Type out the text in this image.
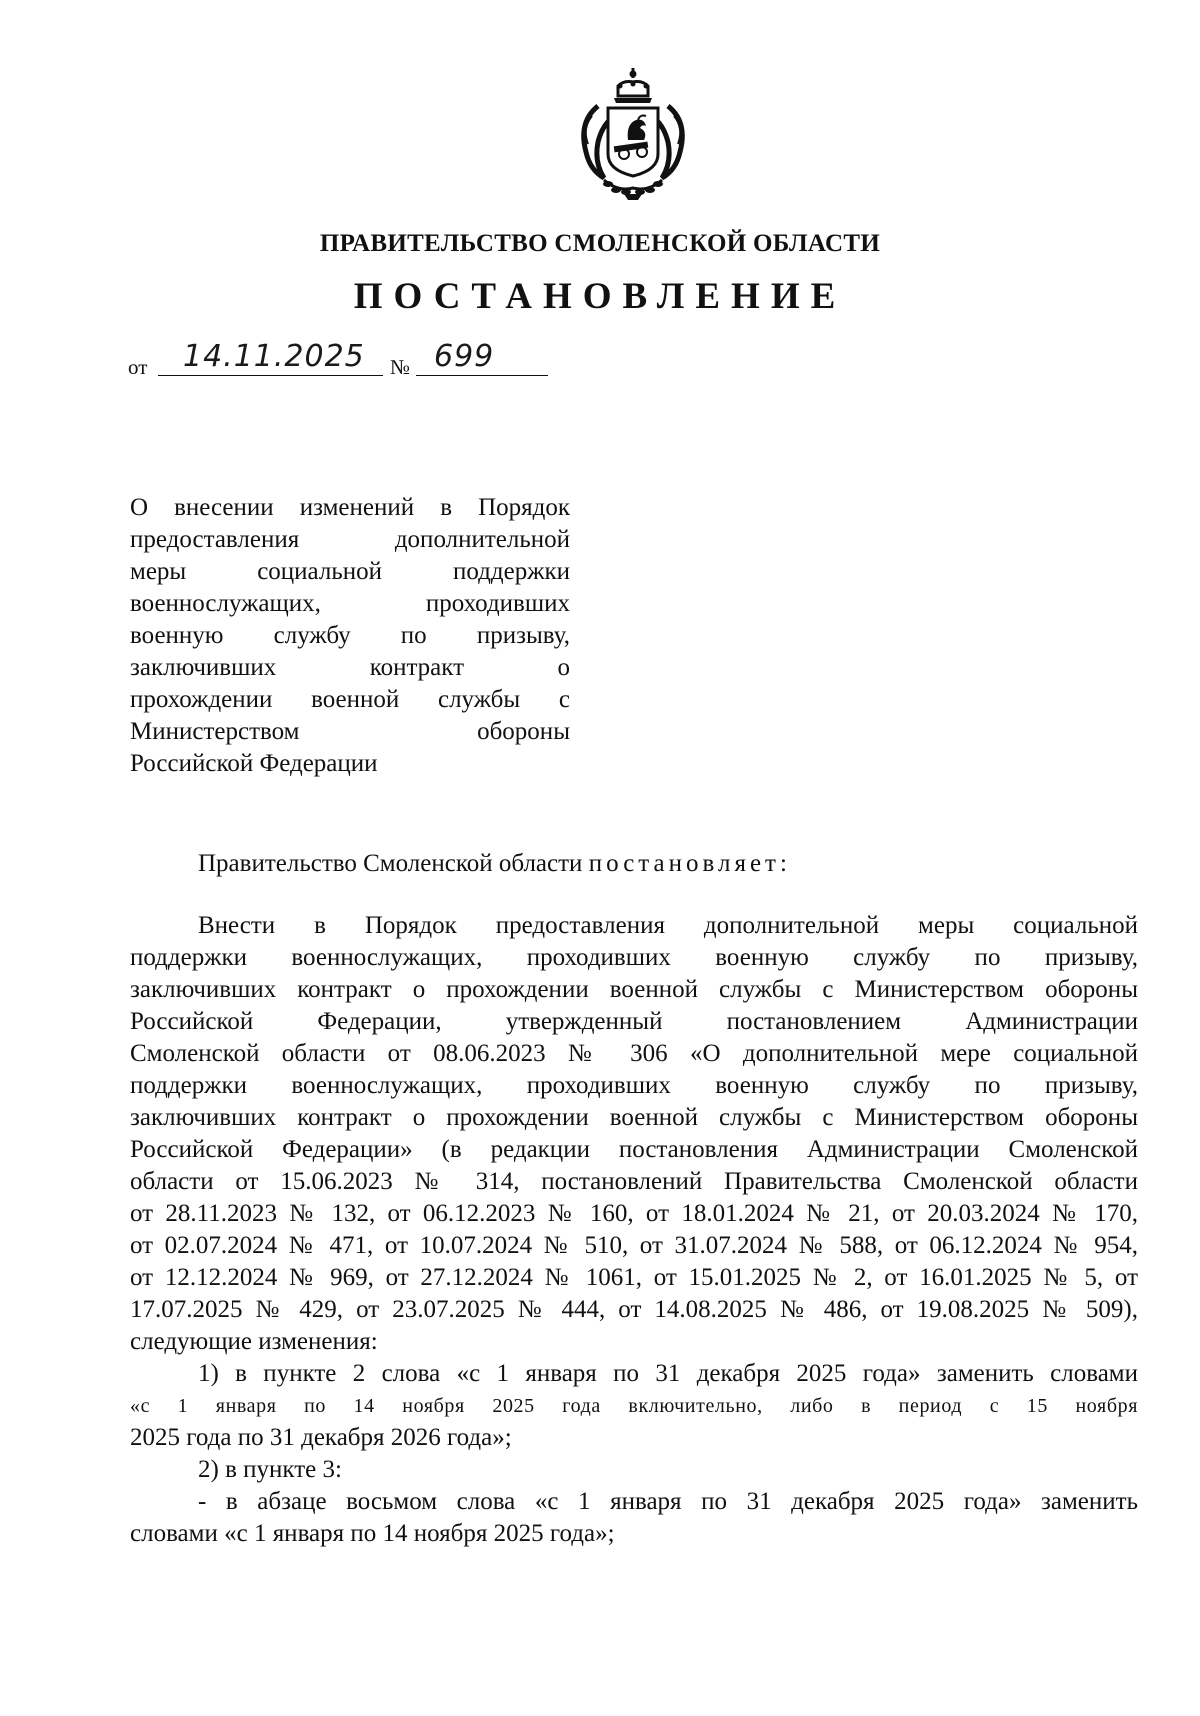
ПРАВИТЕЛЬСТВО СМОЛЕНСКОЙ ОБЛАСТИ
ПОСТАНОВЛЕНИЕ
от 14.11.2025 № 699
О внесении изменений в Порядок
предоставления дополнительной
меры социальной поддержки
военнослужащих, проходивших
военную службу по призыву,
заключивших контракт о
прохождении военной службы с
Министерством обороны
Российской Федерации
Правительство Смоленской области постановляет:
Внести в Порядок предоставления дополнительной меры социальной
поддержки военнослужащих, проходивших военную службу по призыву,
заключивших контракт о прохождении военной службы с Министерством обороны
Российской Федерации, утвержденный постановлением Администрации
Смоленской области от 08.06.2023 № 306 «О дополнительной мере социальной
поддержки военнослужащих, проходивших военную службу по призыву,
заключивших контракт о прохождении военной службы с Министерством обороны
Российской Федерации» (в редакции постановления Администрации Смоленской
области от 15.06.2023 № 314, постановлений Правительства Смоленской области
от 28.11.2023 № 132, от 06.12.2023 № 160, от 18.01.2024 № 21, от 20.03.2024 № 170,
от 02.07.2024 № 471, от 10.07.2024 № 510, от 31.07.2024 № 588, от 06.12.2024 № 954,
от 12.12.2024 № 969, от 27.12.2024 № 1061, от 15.01.2025 № 2, от 16.01.2025 № 5, от
17.07.2025 № 429, от 23.07.2025 № 444, от 14.08.2025 № 486, от 19.08.2025 № 509),
следующие изменения:
1) в пункте 2 слова «с 1 января по 31 декабря 2025 года» заменить словами
«с 1 января по 14 ноября 2025 года включительно, либо в период с 15 ноября
2025 года по 31 декабря 2026 года»;
2) в пункте 3:
- в абзаце восьмом слова «с 1 января по 31 декабря 2025 года» заменить
словами «с 1 января по 14 ноября 2025 года»;
